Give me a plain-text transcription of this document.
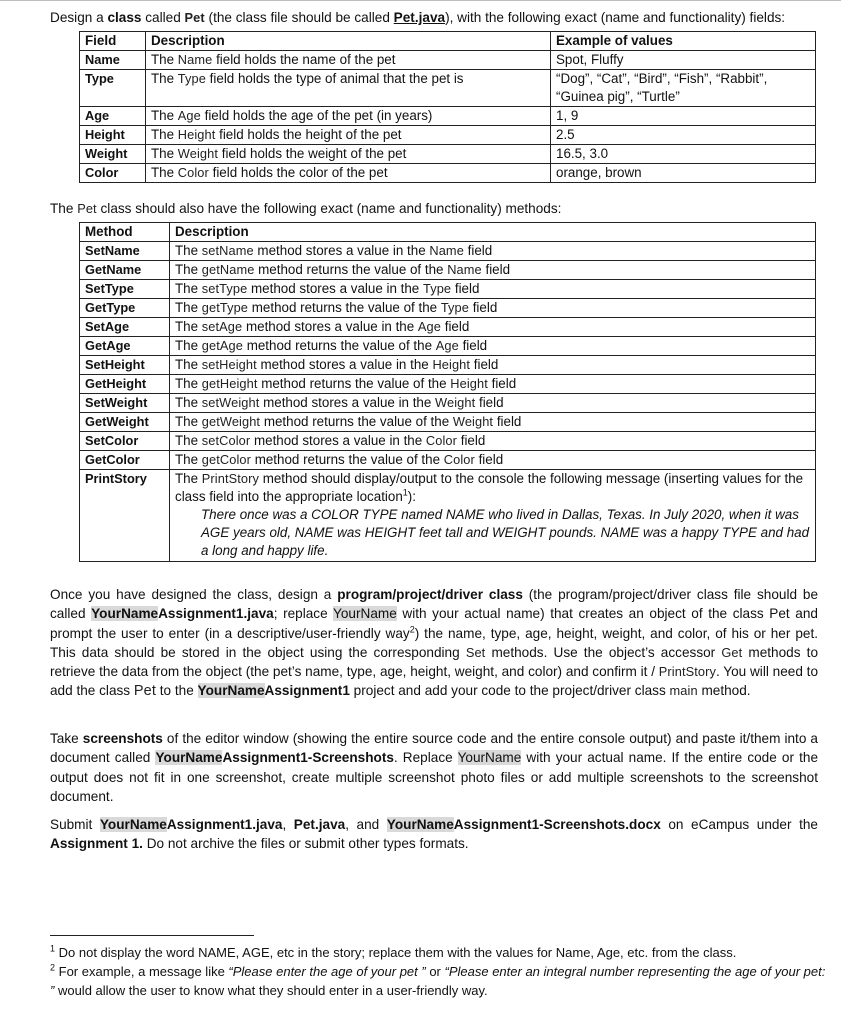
Design a class called Pet (the class file should be called Pet.java), with the following exact (name and functionality) fields:
Field	Description	Example of values
Name	The Name field holds the name of the pet	Spot, Fluffy
Type	The Type field holds the type of animal that the pet is	“Dog”, “Cat”, “Bird”, “Fish”, “Rabbit”, “Guinea pig”, “Turtle”
Age	The Age field holds the age of the pet (in years)	1, 9
Height	The Height field holds the height of the pet	2.5
Weight	The Weight field holds the weight of the pet	16.5, 3.0
Color	The Color field holds the color of the pet	orange, brown
The Pet class should also have the following exact (name and functionality) methods:
Method	Description
SetName	The setName method stores a value in the Name field
GetName	The getName method returns the value of the Name field
SetType	The setType method stores a value in the Type field
GetType	The getType method returns the value of the Type field
SetAge	The setAge method stores a value in the Age field
GetAge	The getAge method returns the value of the Age field
SetHeight	The setHeight method stores a value in the Height field
GetHeight	The getHeight method returns the value of the Height field
SetWeight	The setWeight method stores a value in the Weight field
GetWeight	The getWeight method returns the value of the Weight field
SetColor	The setColor method stores a value in the Color field
GetColor	The getColor method returns the value of the Color field
PrintStory	The PrintStory method should display/output to the console the following message (inserting values for the class field into the appropriate location$^1$):
There once was a COLOR TYPE named NAME who lived in Dallas, Texas. In July 2020, when it was AGE years old, NAME was HEIGHT feet tall and WEIGHT pounds. NAME was a happy TYPE and had a long and happy life.
Once you have designed the class, design a program/project/driver class (the program/project/driver class file should be called YourNameAssignment1.java; replace YourName with your actual name) that creates an object of the class Pet and prompt the user to enter (in a descriptive/user-friendly way$^2$) the name, type, age, height, weight, and color, of his or her pet. This data should be stored in the object using the corresponding Set methods. Use the object’s accessor Get methods to retrieve the data from the object (the pet’s name, type, age, height, weight, and color) and confirm it / PrintStory. You will need to add the class Pet to the YourNameAssignment1 project and add your code to the project/driver class main method.
Take screenshots of the editor window (showing the entire source code and the entire console output) and paste it/them into a document called YourNameAssignment1-Screenshots. Replace YourName with your actual name. If the entire code or the output does not fit in one screenshot, create multiple screenshot photo files or add multiple screenshots to the screenshot document.
Submit YourNameAssignment1.java, Pet.java, and YourNameAssignment1-Screenshots.docx on eCampus under the Assignment 1. Do not archive the files or submit other types formats.
$^1$ Do not display the word NAME, AGE, etc in the story; replace them with the values for Name, Age, etc. from the class.
$^2$ For example, a message like “Please enter the age of your pet ” or “Please enter an integral number representing the age of your pet: ” would allow the user to know what they should enter in a user-friendly way.
